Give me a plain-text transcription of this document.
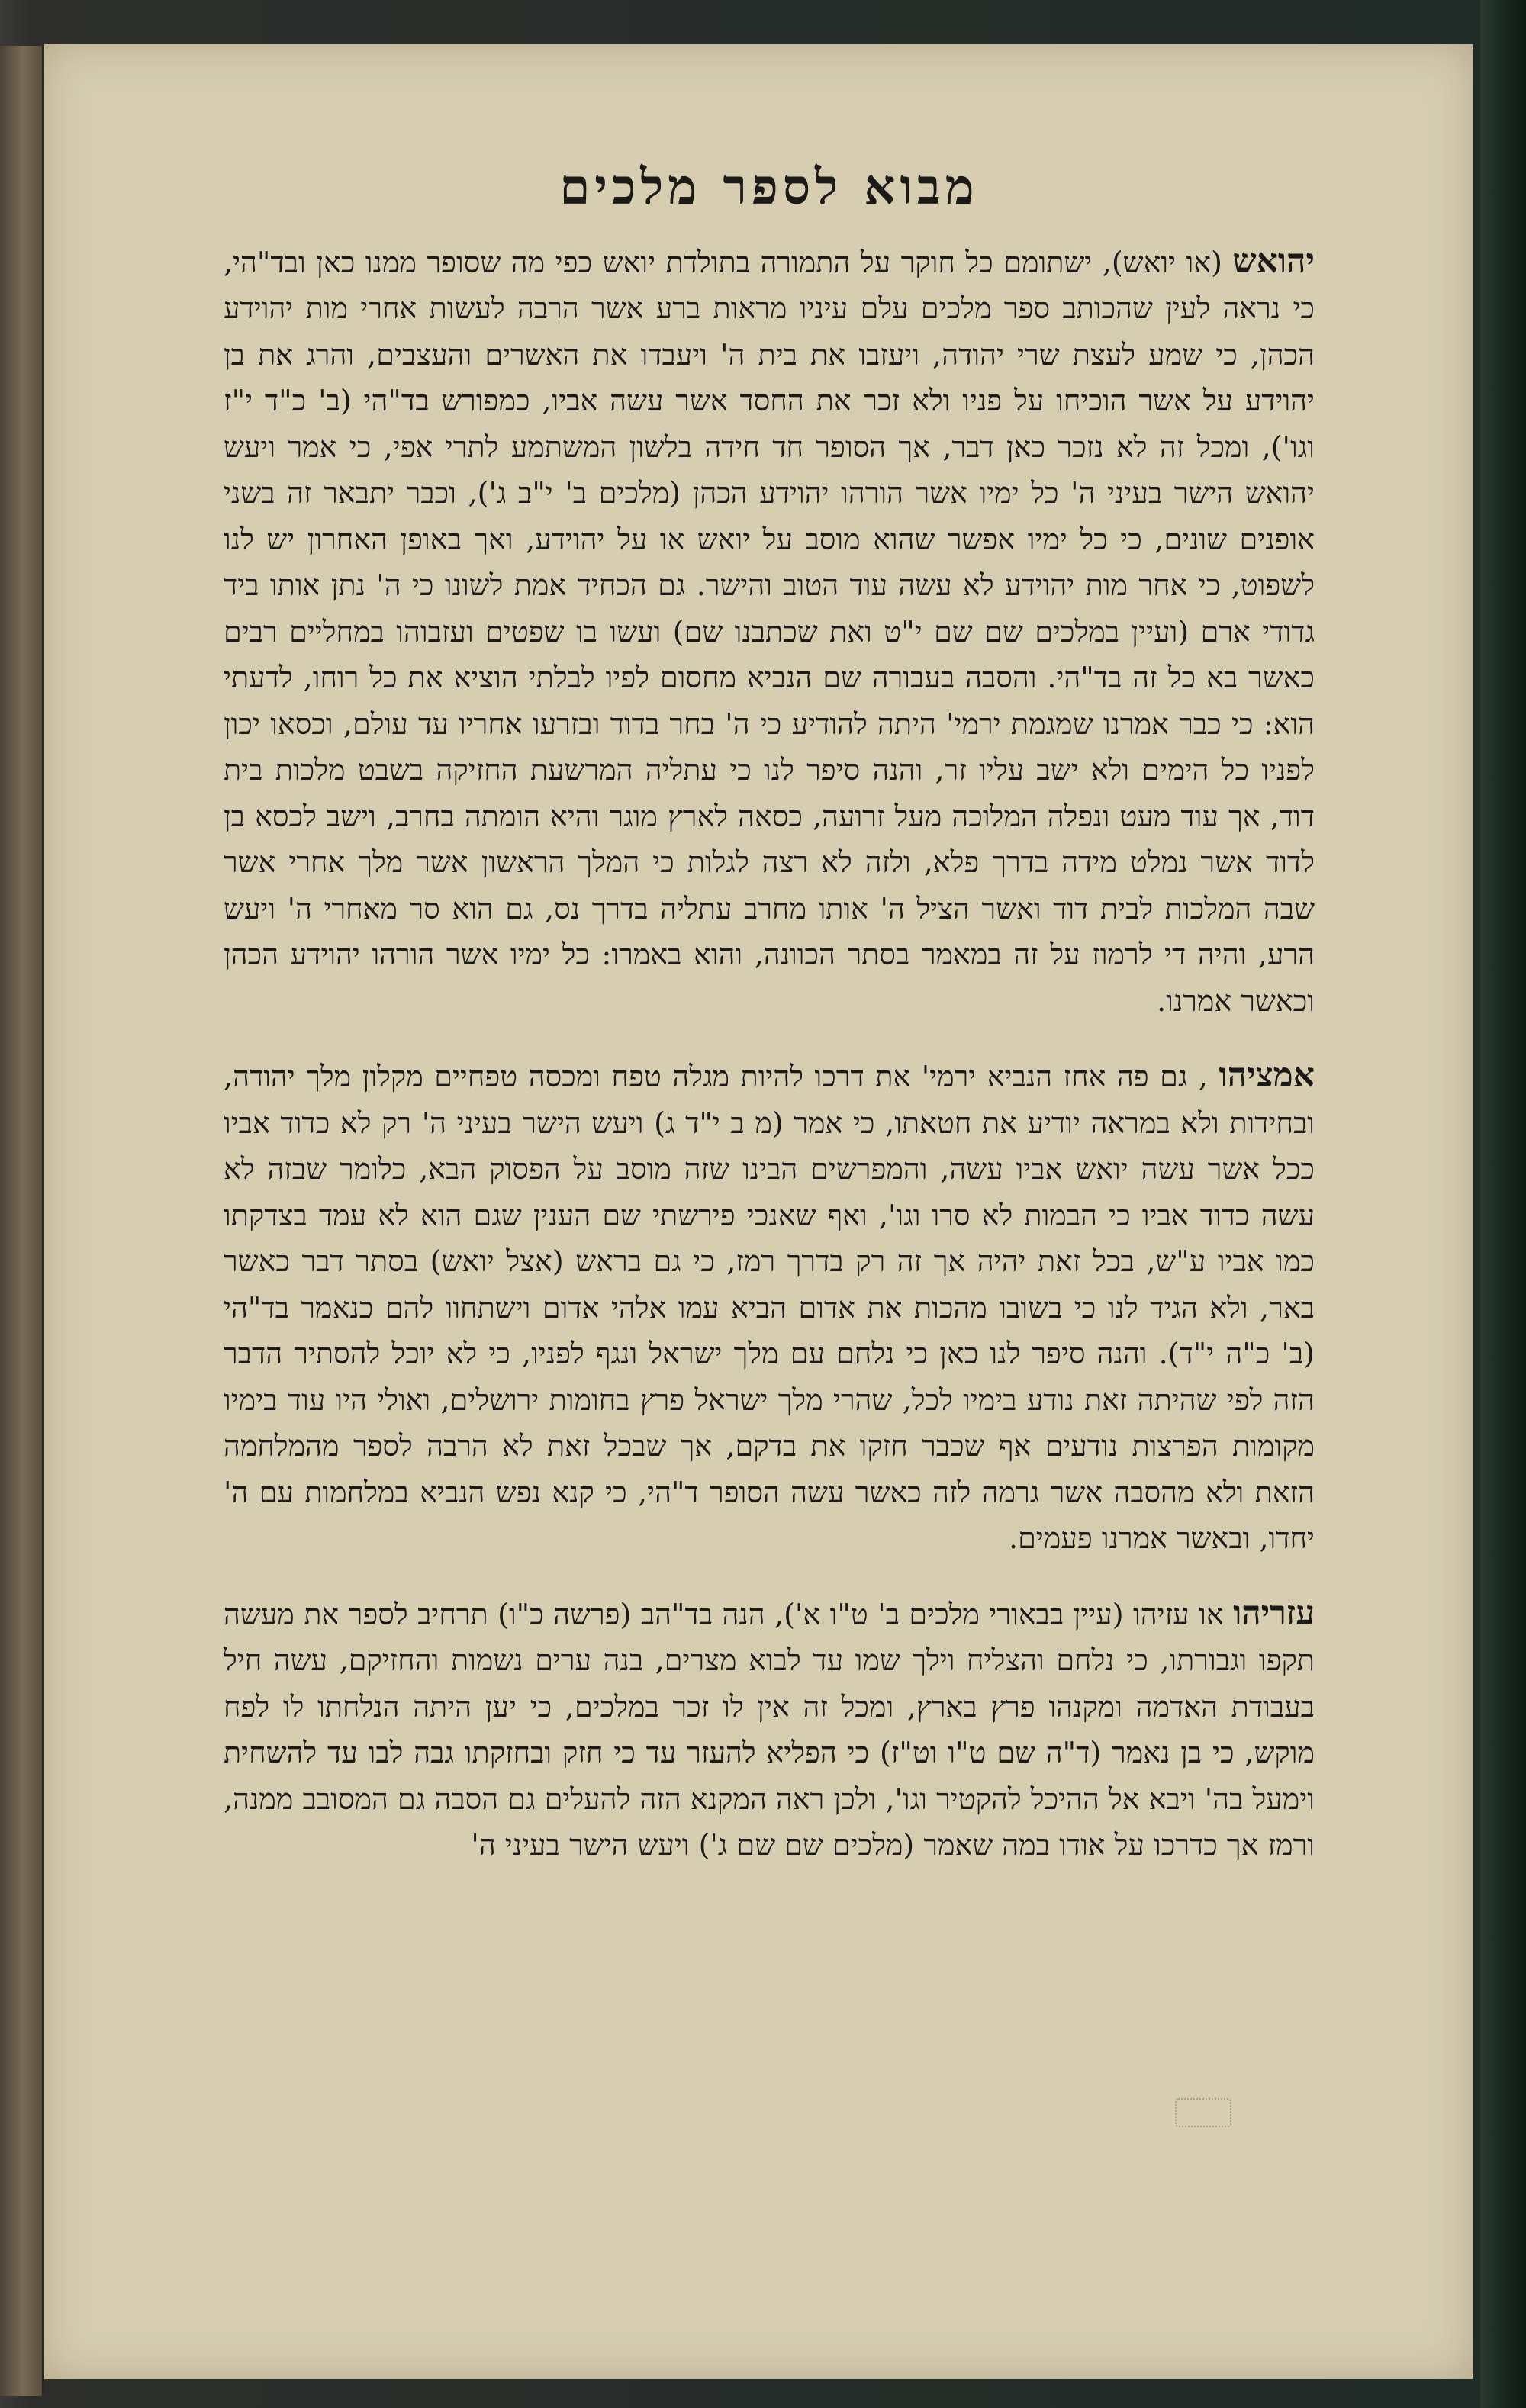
מבוא לספר מלכים

יהואש (או יואש), ישתומם כל חוקר על התמורה בתולדת יואש כפי מה שסופר ממנו כאן ובד"הי, כי נראה לעין שהכותב ספר מלכים עלם עיניו מראות ברע אשר הרבה לעשות אחרי מות יהוידע הכהן, כי שמע לעצת שרי יהודה, ויעזבו את בית ה' ויעבדו את האשרים והעצבים, והרג את בן יהוידע על אשר הוכיחו על פניו ולא זכר את החסד אשר עשה אביו, כמפורש בד"הי (ב' כ"ד י"ז וגו'), ומכל זה לא נזכר כאן דבר, אך הסופר חד חידה בלשון המשתמע לתרי אפי, כי אמר ויעש יהואש הישר בעיני ה' כל ימיו אשר הורהו יהוידע הכהן (מלכים ב' י"ב ג'), וכבר יתבאר זה בשני אופנים שונים, כי כל ימיו אפשר שהוא מוסב על יואש או על יהוידע, ואך באופן האחרון יש לנו לשפוט, כי אחר מות יהוידע לא עשה עוד הטוב והישר. גם הכחיד אמת לשונו כי ה' נתן אותו ביד גדודי ארם (ועיין במלכים שם שם י"ט ואת שכתבנו שם) ועשו בו שפטים ועזבוהו במחליים רבים כאשר בא כל זה בד"הי. והסבה בעבורה שם הנביא מחסום לפיו לבלתי הוציא את כל רוחו, לדעתי הוא: כי כבר אמרנו שמגמת ירמי' היתה להודיע כי ה' בחר בדוד ובזרעו אחריו עד עולם, וכסאו יכון לפניו כל הימים ולא ישב עליו זר, והנה סיפר לנו כי עתליה המרשעת החזיקה בשבט מלכות בית דוד, אך עוד מעט ונפלה המלוכה מעל זרועה, כסאה לארץ מוגר והיא הומתה בחרב, וישב לכסא בן לדוד אשר נמלט מידה בדרך פלא, ולזה לא רצה לגלות כי המלך הראשון אשר מלך אחרי אשר שבה המלכות לבית דוד ואשר הציל ה' אותו מחרב עתליה בדרך נס, גם הוא סר מאחרי ה' ויעש הרע, והיה די לרמוז על זה במאמר בסתר הכוונה, והוא באמרו: כל ימיו אשר הורהו יהוידע הכהן וכאשר אמרנו.

אמציהו , גם פה אחז הנביא ירמי' את דרכו להיות מגלה טפח ומכסה טפחיים מקלון מלך יהודה, ובחידות ולא במראה יודיע את חטאתו, כי אמר (מ ב י"ד ג) ויעש הישר בעיני ה' רק לא כדוד אביו ככל אשר עשה יואש אביו עשה, והמפרשים הבינו שזה מוסב על הפסוק הבא, כלומר שבזה לא עשה כדוד אביו כי הבמות לא סרו וגו', ואף שאנכי פירשתי שם הענין שגם הוא לא עמד בצדקתו כמו אביו ע"ש, בכל זאת יהיה אך זה רק בדרך רמז, כי גם בראש (אצל יואש) בסתר דבר כאשר באר, ולא הגיד לנו כי בשובו מהכות את אדום הביא עמו אלהי אדום וישתחוו להם כנאמר בד"הי (ב' כ"ה י"ד). והנה סיפר לנו כאן כי נלחם עם מלך ישראל ונגף לפניו, כי לא יוכל להסתיר הדבר הזה לפי שהיתה זאת נודע בימיו לכל, שהרי מלך ישראל פרץ בחומות ירושלים, ואולי היו עוד בימיו מקומות הפרצות נודעים אף שכבר חזקו את בדקם, אך שבכל זאת לא הרבה לספר מהמלחמה הזאת ולא מהסבה אשר גרמה לזה כאשר עשה הסופר ד"הי, כי קנא נפש הנביא במלחמות עם ה' יחדו, ובאשר אמרנו פעמים.

עזריהו או עזיהו (עיין בבאורי מלכים ב' ט"ו א'), הנה בד"הב (פרשה כ"ו) תרחיב לספר את מעשה תקפו וגבורתו, כי נלחם והצליח וילך שמו עד לבוא מצרים, בנה ערים נשמות והחזיקם, עשה חיל בעבודת האדמה ומקנהו פרץ בארץ, ומכל זה אין לו זכר במלכים, כי יען היתה הנלחתו לו לפח מוקש, כי בן נאמר (ד"ה שם ט"ו וט"ז) כי הפליא להעזר עד כי חזק ובחזקתו גבה לבו עד להשחית וימעל בה' ויבא אל ההיכל להקטיר וגו', ולכן ראה המקנא הזה להעלים גם הסבה גם המסובב ממנה, ורמז אך כדרכו על אודו במה שאמר (מלכים שם שם ג') ויעש הישר בעיני ה'
